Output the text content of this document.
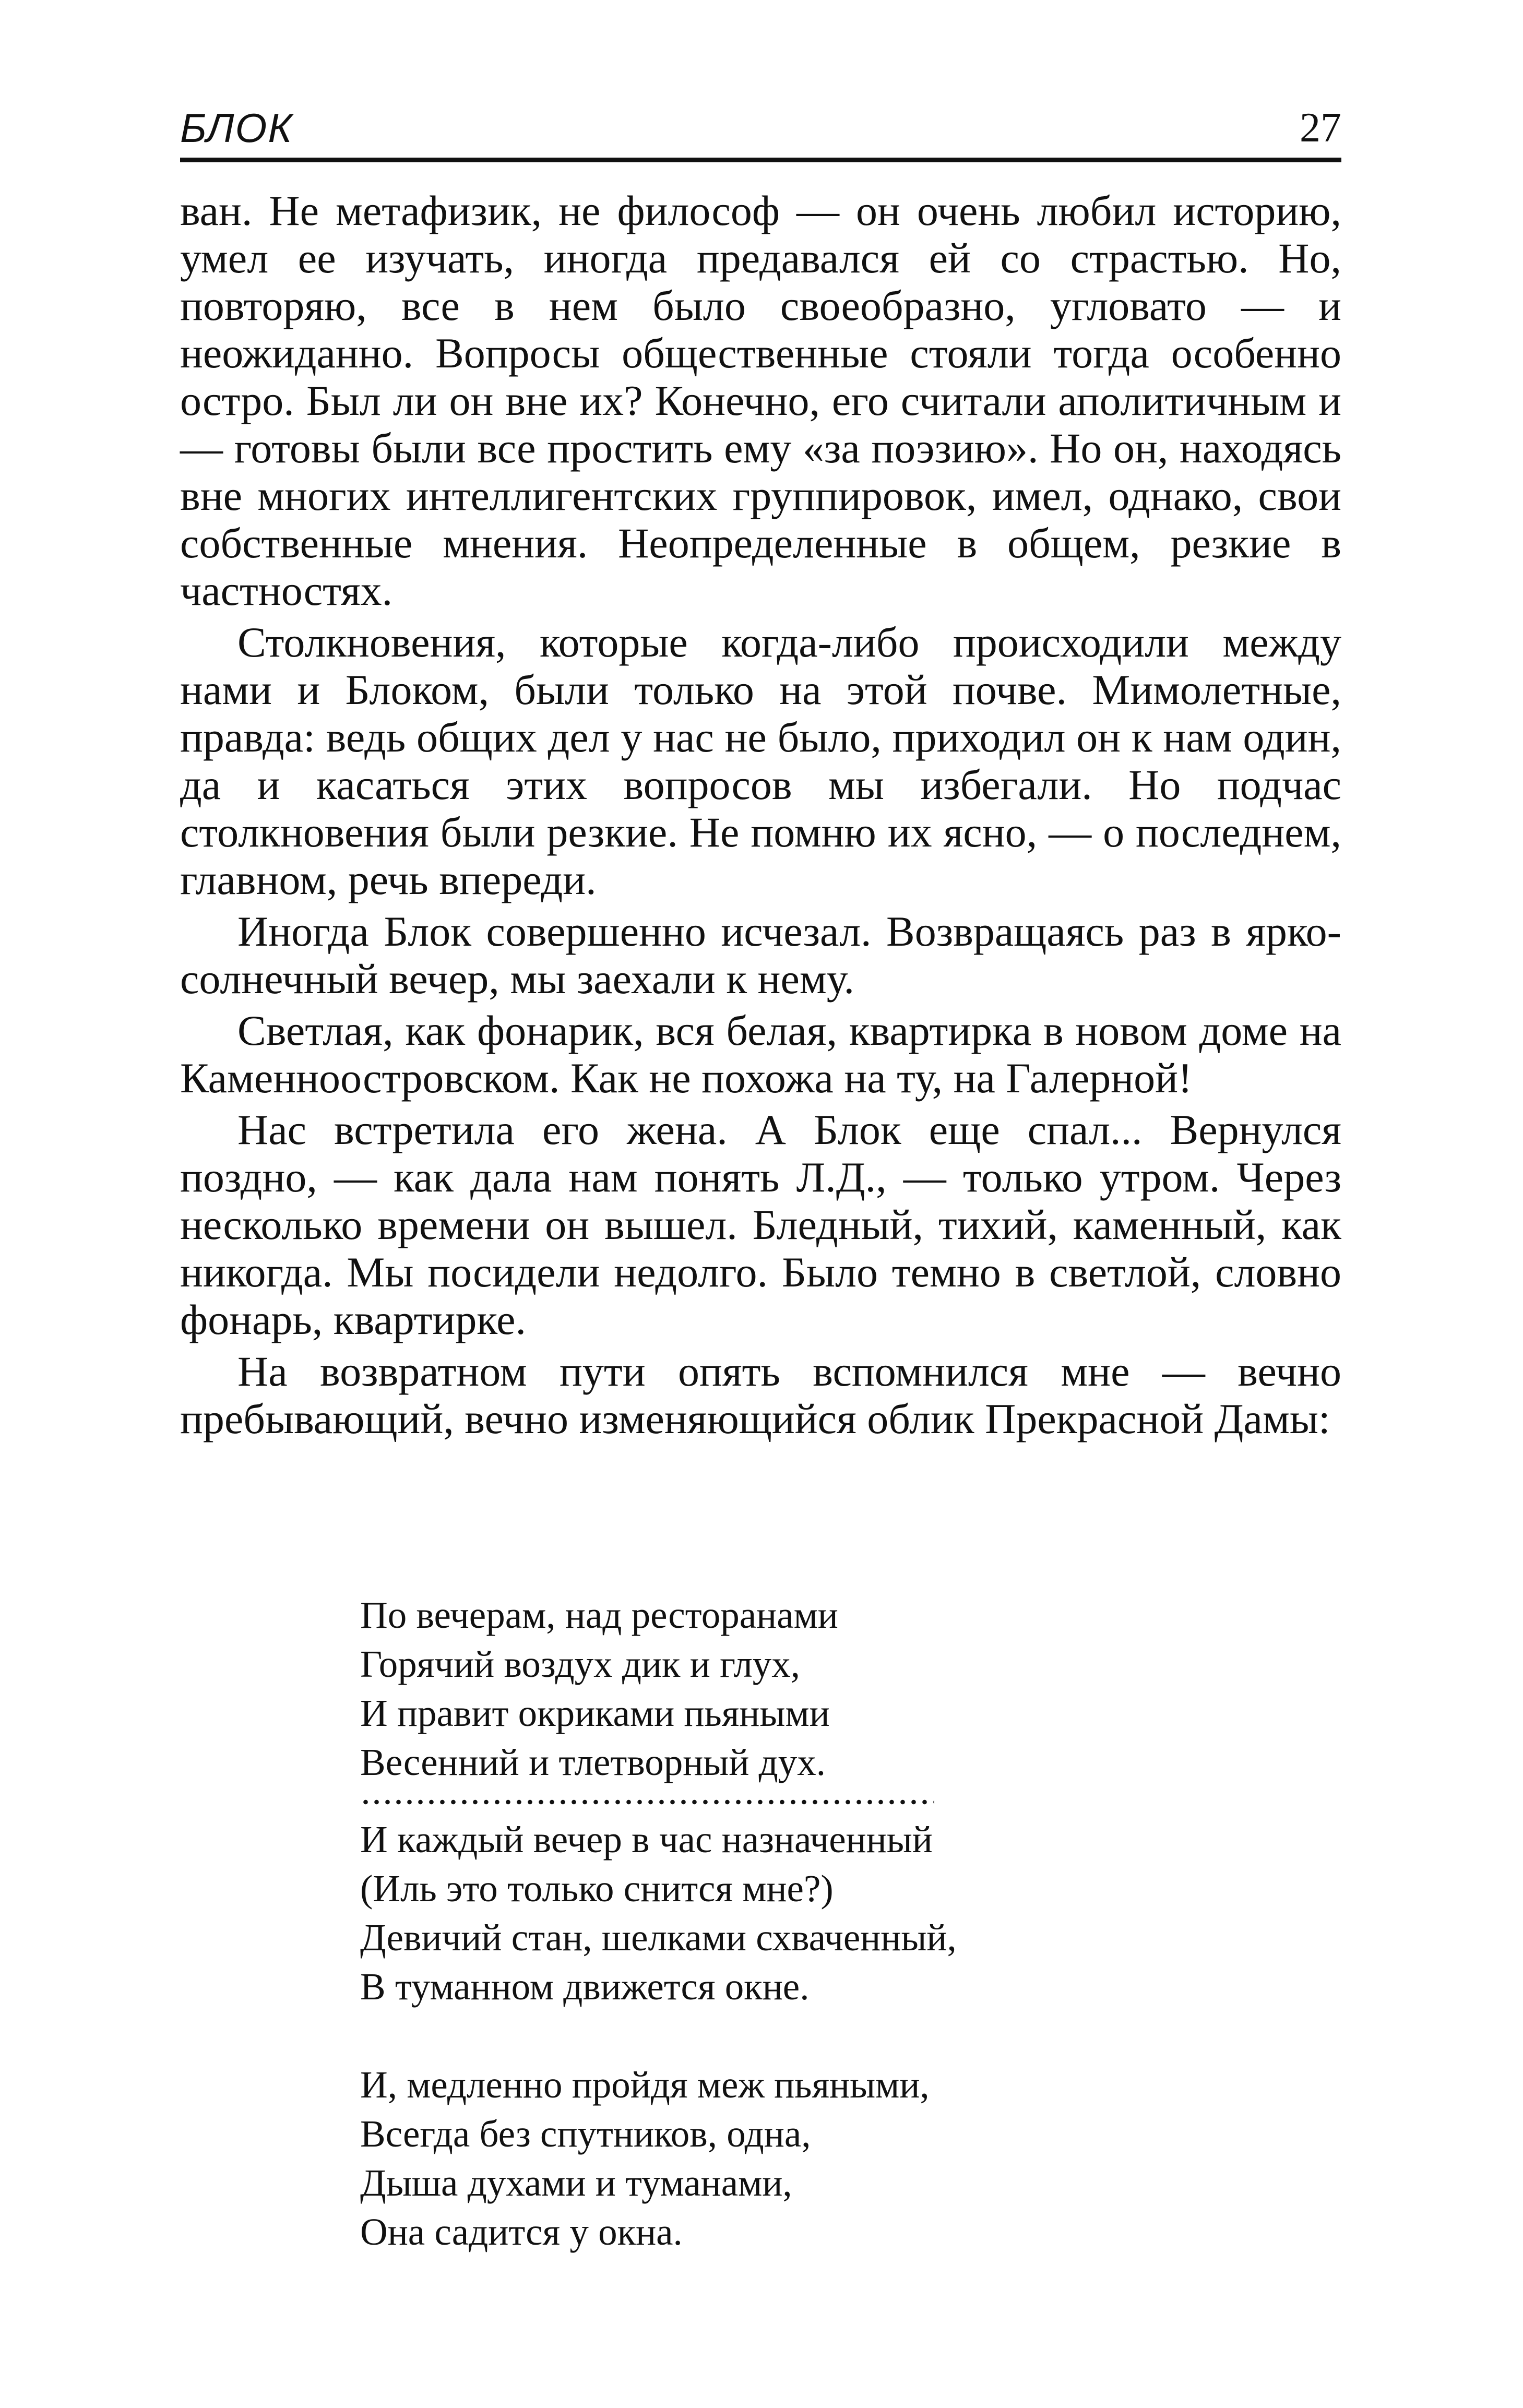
БЛОК	27

ван. Не метафизик, не философ — он очень любил историю, умел ее изучать, иногда предавался ей со страстью. Но, повторяю, все в нем было своеобразно, угловато — и неожиданно. Вопросы общественные стояли тогда особенно остро. Был ли он вне их? Конечно, его считали аполитичным и — готовы были все простить ему «за поэзию». Но он, находясь вне многих интеллигентских группировок, имел, однако, свои собственные мнения. Неопределенные в общем, резкие в частностях.

Столкновения, которые когда-либо происходили между нами и Блоком, были только на этой почве. Мимолетные, правда: ведь общих дел у нас не было, приходил он к нам один, да и касаться этих вопросов мы избегали. Но подчас столкновения были резкие. Не помню их ясно, — о последнем, главном, речь впереди.

Иногда Блок совершенно исчезал. Возвращаясь раз в ярко-солнечный вечер, мы заехали к нему.

Светлая, как фонарик, вся белая, квартирка в новом доме на Каменноостровском. Как не похожа на ту, на Галерной!

Нас встретила его жена. А Блок еще спал... Вернулся поздно, — как дала нам понять Л.Д., — только утром. Через несколько времени он вышел. Бледный, тихий, каменный, как никогда. Мы посидели недолго. Было темно в светлой, словно фонарь, квартирке.

На возвратном пути опять вспомнился мне — вечно пребывающий, вечно изменяющийся облик Прекрасной Дамы:

По вечерам, над ресторанами
Горячий воздух дик и глух,
И правит окриками пьяными
Весенний и тлетворный дух.
И каждый вечер в час назначенный
(Иль это только снится мне?)
Девичий стан, шелками схваченный,
В туманном движется окне.
И, медленно пройдя меж пьяными,
Всегда без спутников, одна,
Дыша духами и туманами,
Она садится у окна.
